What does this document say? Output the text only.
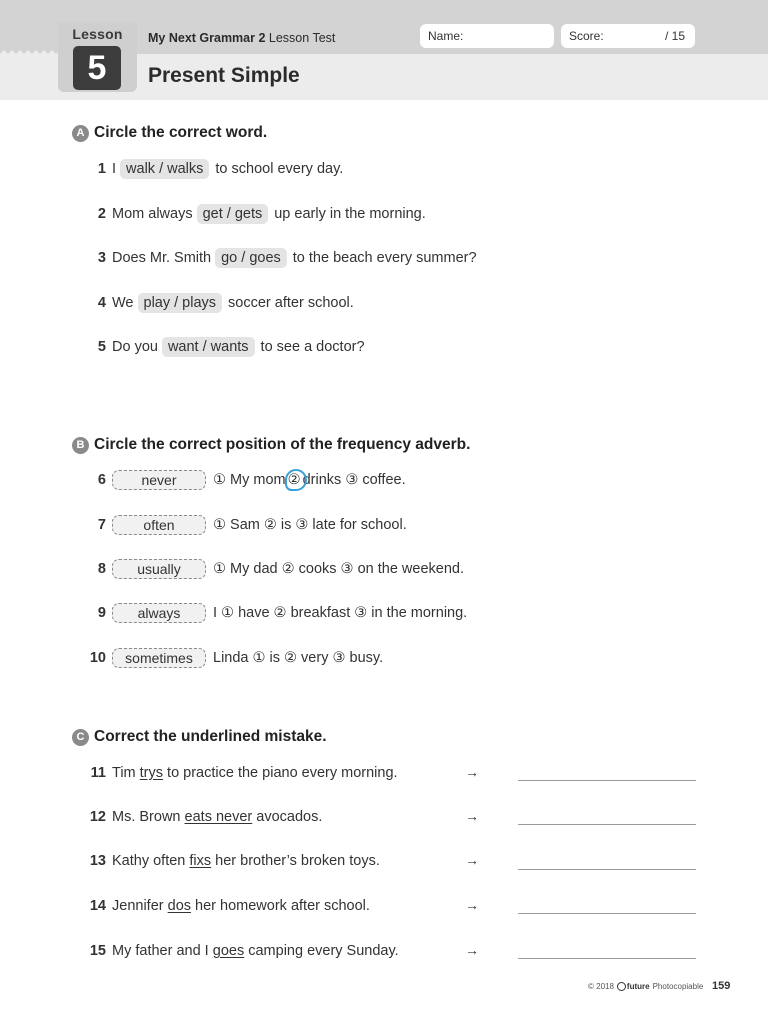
Lesson
5
My Next Grammar 2 Lesson Test
Present Simple
Name:	Score:	/ 15
A Circle the correct word.
1 I walk / walks to school every day.
2 Mom always get / gets up early in the morning.
3 Does Mr. Smith go / goes to the beach every summer?
4 We play / plays soccer after school.
5 Do you want / wants to see a doctor?
B Circle the correct position of the frequency adverb.
6	never	① My mom ② drinks ③ coffee.
7	often	① Sam ② is ③ late for school.
8	usually	① My dad ② cooks ③ on the weekend.
9	always	I ① have ② breakfast ③ in the morning.
10	sometimes	Linda ① is ② very ③ busy.
C Correct the underlined mistake.
11 Tim
trys
to practice the piano every morning.	→
12 Ms. Brown
eats never
avocados.	→
13 Kathy often
fixs
her brother’s broken toys.	→
14 Jennifer
dos
her homework after school.	→
15 My father and I
goes
camping every Sunday.	→
© 2018 future Photocopiable 159
